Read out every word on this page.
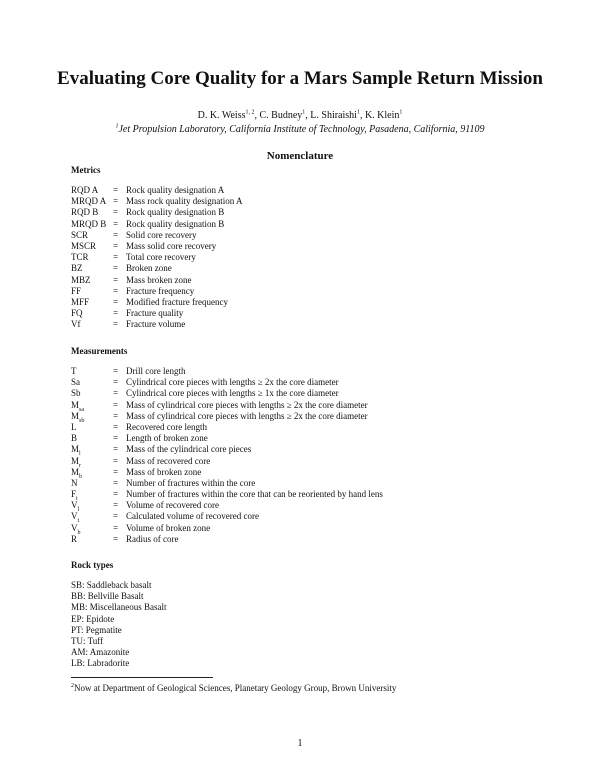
Evaluating Core Quality for a Mars Sample Return Mission
D. K. Weiss$^{1, 2}$, C. Budney$^1$, L. Shiraishi$^1$, K. Klein$^1$
$^1$Jet Propulsion Laboratory, California Institute of Technology, Pasadena, California, 91109
Nomenclature
Metrics
RQD A	= Rock quality designation A
MRQD A = Mass rock quality designation A
RQD B	= Rock quality designation B
MRQD B = Rock quality designation B
SCR	= Solid core recovery
MSCR	= Mass solid core recovery
TCR	= Total core recovery
BZ	= Broken zone
MBZ	= Mass broken zone
FF	= Fracture frequency
MFF	= Modified fracture frequency
FQ	= Fracture quality
Vf	= Fracture volume
Measurements
T	= Drill core length
Sa	= Cylindrical core pieces with lengths ≥ 2x the core diameter
Sb	= Cylindrical core pieces with lengths ≥ 1x the core diameter
$M_{sa}$	= Mass of cylindrical core pieces with lengths ≥ 2x the core diameter
$M_{sb}$	= Mass of cylindrical core pieces with lengths ≥ 2x the core diameter
L	= Recovered core length
B	= Length of broken zone
$M_l$	= Mass of the cylindrical core pieces
$M_r$	= Mass of recovered core
$M_b$	= Mass of broken zone
N	= Number of fractures within the core
$F_t$	= Number of fractures within the core that can be reoriented by hand lens
$V_l$	= Volume of recovered core
$V_t$	= Calculated volume of recovered core
$V_b$	= Volume of broken zone
R	= Radius of core
Rock types
SB: Saddleback basalt
BB: Bellville Basalt
MB: Miscellaneous Basalt
EP: Epidote
PT: Pegmatite
TU: Tuff
AM: Amazonite
LB: Labradorite
$^2$Now at Department of Geological Sciences, Planetary Geology Group, Brown University
1
